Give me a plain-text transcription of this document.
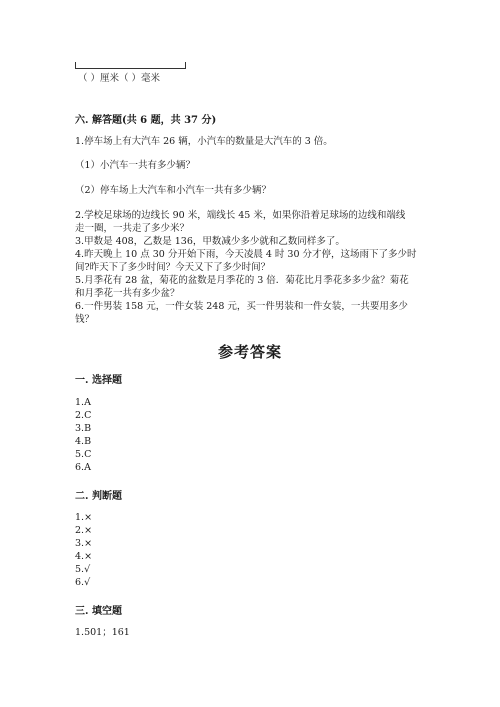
（ ）厘米（ ）毫米
六. 解答题(共 6 题，共 37 分)
1.停车场上有大汽车 26 辆，小汽车的数量是大汽车的 3 倍。
（1）小汽车一共有多少辆？
（2）停车场上大汽车和小汽车一共有多少辆？
2.学校足球场的边线长 90 米，端线长 45 米，如果你沿着足球场的边线和端线
走一圈，一共走了多少米？
3.甲数是 408，乙数是 136，甲数减少多少就和乙数同样多了。
4.昨天晚上 10 点 30 分开始下雨，今天凌晨 4 时 30 分才停，这场雨下了多少时
间?昨天下了多少时间？今天又下了多少时间？
5.月季花有 28 盆，菊花的盆数是月季花的 3 倍．菊花比月季花多多少盆？菊花
和月季花一共有多少盆？
6.一件男装 158 元，一件女装 248 元，买一件男装和一件女装，一共要用多少
钱？
参考答案
一. 选择题
1.A
2.C
3.B
4.B
5.C
6.A
二. 判断题
1.×
2.×
3.×
4.×
5.√
6.√
三. 填空题
1.501；161
